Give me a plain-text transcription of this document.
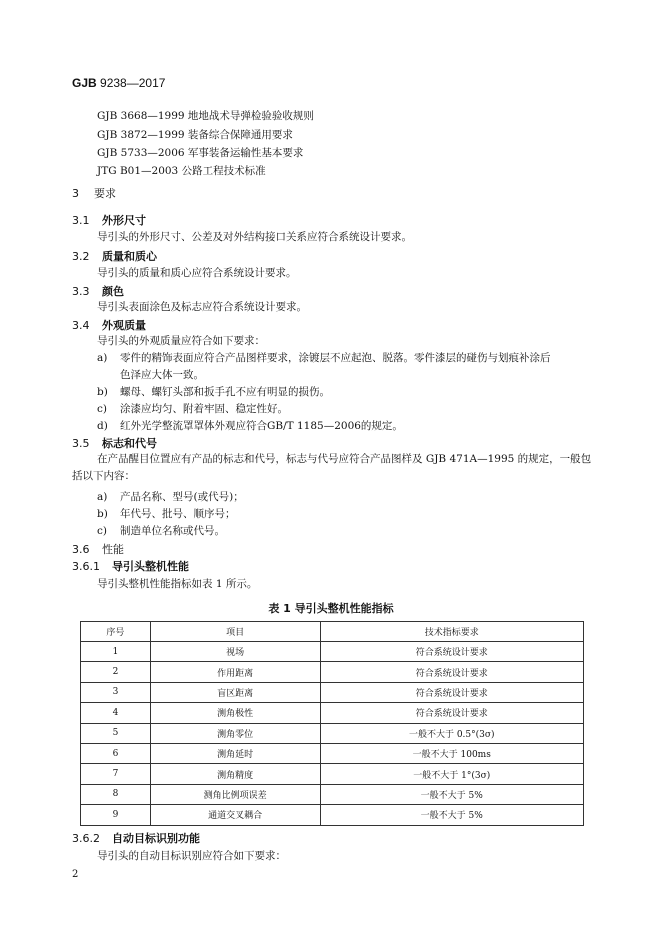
GJB 9238—2017
GJB 3668—1999 地地战术导弹检验验收规则
GJB 3872—1999 装备综合保障通用要求
GJB 5733—2006 军事装备运输性基本要求
JTG B01—2003 公路工程技术标准
3 要求
3.1 外形尺寸
导引头的外形尺寸、公差及对外结构接口关系应符合系统设计要求。
3.2 质量和质心
导引头的质量和质心应符合系统设计要求。
3.3 颜色
导引头表面涂色及标志应符合系统设计要求。
3.4 外观质量
导引头的外观质量应符合如下要求：
a) 零件的精饰表面应符合产品图样要求，涂镀层不应起泡、脱落。零件漆层的碰伤与划痕补涂后
色泽应大体一致。
b) 螺母、螺钉头部和扳手孔不应有明显的损伤。
c) 涂漆应均匀、附着牢固、稳定性好。
d) 红外光学整流罩罩体外观应符合GB/T 1185—2006的规定。
3.5 标志和代号
在产品醒目位置应有产品的标志和代号，标志与代号应符合产品图样及 GJB 471A—1995 的规定，一般包括以下内容：
a) 产品名称、型号(或代号)；
b) 年代号、批号、顺序号；
c) 制造单位名称或代号。
3.6 性能
3.6.1 导引头整机性能
导引头整机性能指标如表 1 所示。
表 1 导引头整机性能指标
序号	项目	技术指标要求
1	视场	符合系统设计要求
2	作用距离	符合系统设计要求
3	盲区距离	符合系统设计要求
4	测角极性	符合系统设计要求
5	测角零位	一般不大于 0.5°(3σ)
6	测角延时	一般不大于 100ms
7	测角精度	一般不大于 1°(3σ)
8	测角比例项误差	一般不大于 5%
9	通道交叉耦合	一般不大于 5%
3.6.2 自动目标识别功能
导引头的自动目标识别应符合如下要求：
2
